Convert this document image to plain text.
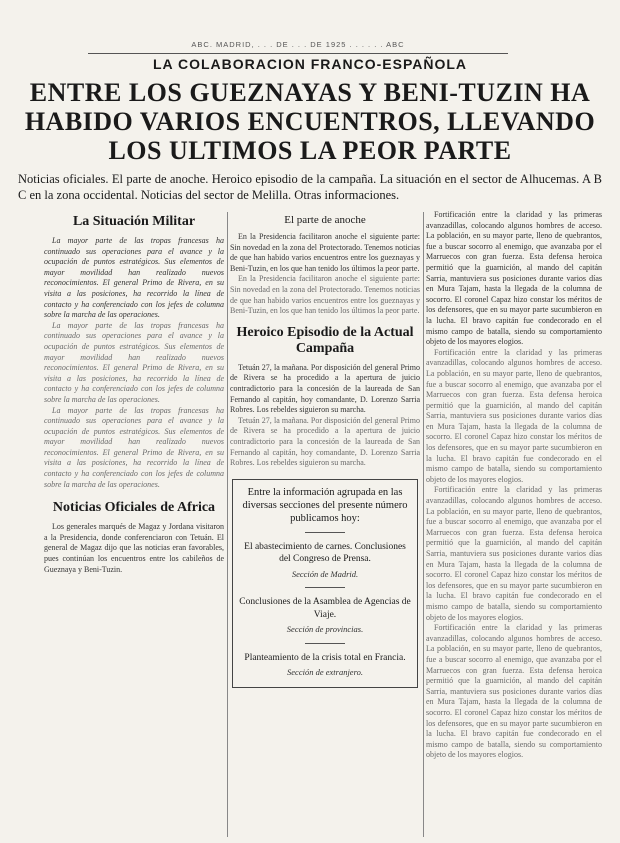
ABC. MADRID, . . . DE . . . DE 1925 . . . . . . ABC
LA COLABORACION FRANCO-ESPAÑOLA
ENTRE LOS GUEZNAYAS Y BENI-TUZIN HA HABIDO VARIOS ENCUENTROS, LLEVANDO LOS ULTIMOS LA PEOR PARTE
Noticias oficiales. El parte de anoche. Heroico episodio de la campaña. La situación en el sector de Alhucemas. A B C en la zona occidental. Noticias del sector de Melilla. Otras informaciones.
La Situación Militar

La mayor parte de las tropas francesas ha continuado sus operaciones para el avance y la ocupación de puntos estratégicos. Sus elementos de mayor movilidad han realizado nuevos reconocimientos. El general Primo de Rivera, en su visita a las posiciones, ha recorrido la línea de contacto y ha conferenciado con los jefes de columna sobre la marcha de las operaciones.

La mayor parte de las tropas francesas ha continuado sus operaciones para el avance y la ocupación de puntos estratégicos. Sus elementos de mayor movilidad han realizado nuevos reconocimientos. El general Primo de Rivera, en su visita a las posiciones, ha recorrido la línea de contacto y ha conferenciado con los jefes de columna sobre la marcha de las operaciones.

La mayor parte de las tropas francesas ha continuado sus operaciones para el avance y la ocupación de puntos estratégicos. Sus elementos de mayor movilidad han realizado nuevos reconocimientos. El general Primo de Rivera, en su visita a las posiciones, ha recorrido la línea de contacto y ha conferenciado con los jefes de columna sobre la marcha de las operaciones.

Noticias Oficiales de Africa

Los generales marqués de Magaz y Jordana visitaron a la Presidencia, donde conferenciaron con Tetuán. El general de Magaz dijo que las noticias eran favorables, pues continúan los encuentros entre los cabileños de Gueznaya y Beni-Tuzin.

El parte de anoche

En la Presidencia facilitaron anoche el siguiente parte: Sin novedad en la zona del Protectorado. Tenemos noticias de que han habido varios encuentros entre los gueznayas y Beni-Tuzin, en los que han tenido los últimos la peor parte.

En la Presidencia facilitaron anoche el siguiente parte: Sin novedad en la zona del Protectorado. Tenemos noticias de que han habido varios encuentros entre los gueznayas y Beni-Tuzin, en los que han tenido los últimos la peor parte.

Heroico Episodio de la Actual Campaña

Tetuán 27, la mañana. Por disposición del general Primo de Rivera se ha procedido a la apertura de juicio contradictorio para la concesión de la laureada de San Fernando al capitán, hoy comandante, D. Lorenzo Sarria Robres. Los rebeldes siguieron su marcha.

Tetuán 27, la mañana. Por disposición del general Primo de Rivera se ha procedido a la apertura de juicio contradictorio para la concesión de la laureada de San Fernando al capitán, hoy comandante, D. Lorenzo Sarria Robres. Los rebeldes siguieron su marcha.

Entre la información agrupada en las diversas secciones del presente número publicamos hoy:
El abastecimiento de carnes. Conclusiones del Congreso de Prensa.
Sección de Madrid.
Conclusiones de la Asamblea de Agencias de Viaje.
Sección de provincias.
Planteamiento de la crisis total en Francia.
Sección de extranjero.

Fortificación entre la claridad y las primeras avanzadillas, colocando algunos hombres de acceso. La población, en su mayor parte, lleno de quebrantos, fue a buscar socorro al enemigo, que avanzaba por el Marruecos con gran fuerza. Esta defensa heroica permitió que la guarnición, al mando del capitán Sarria, mantuviera sus posiciones durante varios días en Mura Tajam, hasta la llegada de la columna de socorro. El coronel Capaz hizo constar los méritos de los defensores, que en su mayor parte sucumbieron en la lucha. El bravo capitán fue condecorado en el mismo campo de batalla, siendo su comportamiento objeto de los mayores elogios.

Fortificación entre la claridad y las primeras avanzadillas, colocando algunos hombres de acceso. La población, en su mayor parte, lleno de quebrantos, fue a buscar socorro al enemigo, que avanzaba por el Marruecos con gran fuerza. Esta defensa heroica permitió que la guarnición, al mando del capitán Sarria, mantuviera sus posiciones durante varios días en Mura Tajam, hasta la llegada de la columna de socorro. El coronel Capaz hizo constar los méritos de los defensores, que en su mayor parte sucumbieron en la lucha. El bravo capitán fue condecorado en el mismo campo de batalla, siendo su comportamiento objeto de los mayores elogios.

Fortificación entre la claridad y las primeras avanzadillas, colocando algunos hombres de acceso. La población, en su mayor parte, lleno de quebrantos, fue a buscar socorro al enemigo, que avanzaba por el Marruecos con gran fuerza. Esta defensa heroica permitió que la guarnición, al mando del capitán Sarria, mantuviera sus posiciones durante varios días en Mura Tajam, hasta la llegada de la columna de socorro. El coronel Capaz hizo constar los méritos de los defensores, que en su mayor parte sucumbieron en la lucha. El bravo capitán fue condecorado en el mismo campo de batalla, siendo su comportamiento objeto de los mayores elogios.

Fortificación entre la claridad y las primeras avanzadillas, colocando algunos hombres de acceso. La población, en su mayor parte, lleno de quebrantos, fue a buscar socorro al enemigo, que avanzaba por el Marruecos con gran fuerza. Esta defensa heroica permitió que la guarnición, al mando del capitán Sarria, mantuviera sus posiciones durante varios días en Mura Tajam, hasta la llegada de la columna de socorro. El coronel Capaz hizo constar los méritos de los defensores, que en su mayor parte sucumbieron en la lucha. El bravo capitán fue condecorado en el mismo campo de batalla, siendo su comportamiento objeto de los mayores elogios.
